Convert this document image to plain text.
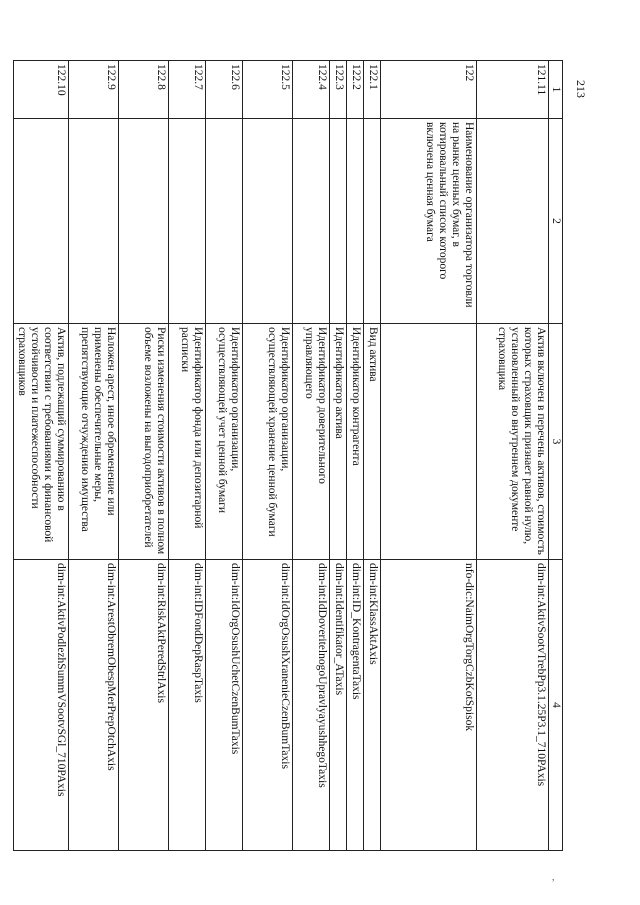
213
1	2	3	4
121.11		Актив включен в перечень активов, стоимость которых страховщик признает равной нулю, установленный во внутреннем документе страховщика	dim-int:AktivSootvTrebPp3.1.25P3.1_710PAxis
122	Наименование организатора торговли на рынке ценных бумаг, в котировальный список которого включена ценная бумага		nfo-dic:NaimOrgTorgCzbKotSpisok
122.1		Вид актива	dim-int:KlassAktAxis
122.2		Идентификатор контрагента	dim-int:ID_KontragentaTaxis
122.3		Идентификатор актива	dim-int:Identifikator_ATaxis
122.4		Идентификатор доверительного управляющего	dim-int:IdDoveritelnogoUpravlyayushhegoTaxis
122.5		Идентификатор организации, осуществляющей хранение ценной бумаги	dim-int:IdOrgOsushXranenieCzenBumTaxis
122.6		Идентификатор организации, осуществляющей учет ценной бумаги	dim-int:IdOrgOsushUchetCzenBumTaxis
122.7		Идентификатор фонда или депозитарной расписки	dim-int:IDFondDepRaspTaxis
122.8		Риски изменения стоимости активов в полном объеме возложены на выгодоприобретателей	dim-int:RiskAktPeredStrlAxis
122.9		Наложен арест, иное обременение или применены обеспечительные меры, препятствующие отчуждению имущества	dim-int:ArestObremObespMerPrepOtchAxis
122.10		Актив, подлежащий суммированию в соответствии с требованиями к финансовой устойчивости и платежеспособности страховщиков	dim-int:AktivPodlezhSummVSootvSGl_710PAxis
,
